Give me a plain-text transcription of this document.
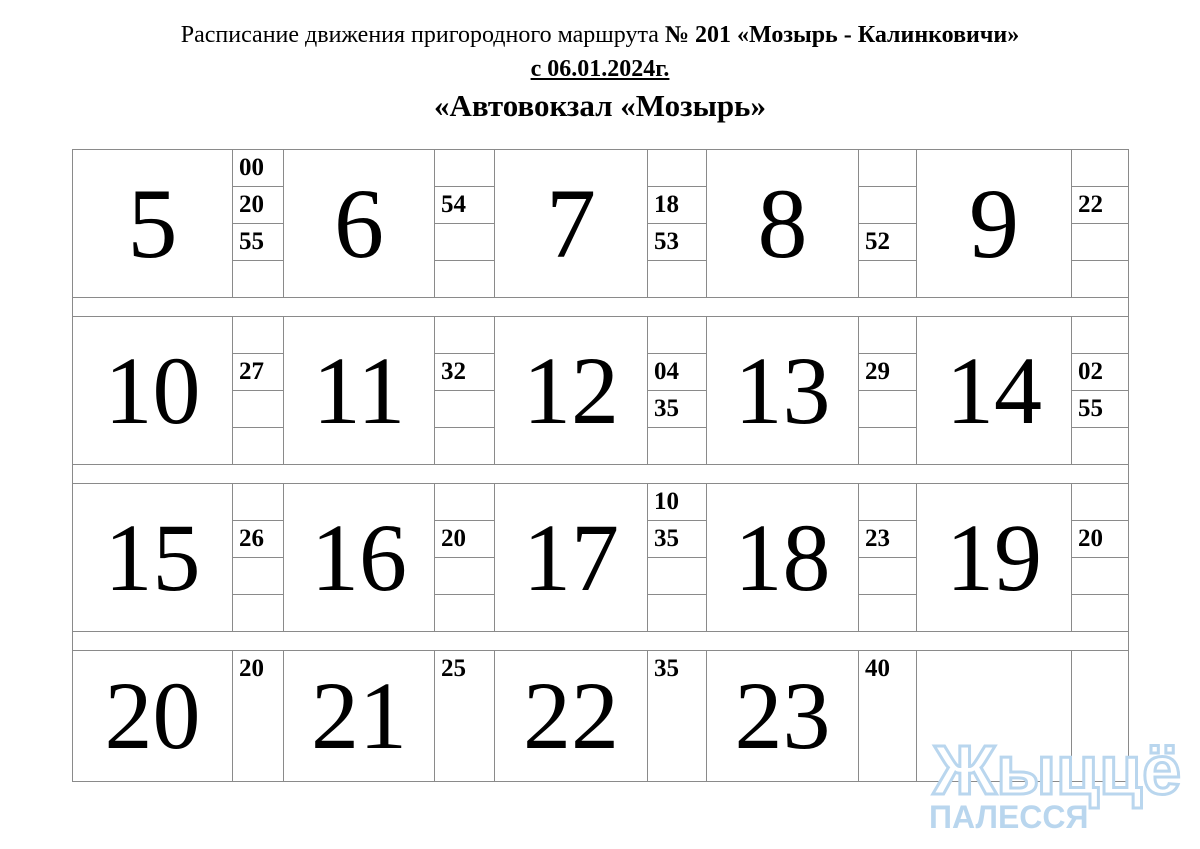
Расписание движения пригородного маршрута № 201 «Мозырь - Калинковичи»
с 06.01.2024г.
«Автовокзал «Мозырь»
5	00	6		7		8		9	
	20		54		18				22
	55				53		52		

10		11		12		13		14	
	27		32		04		29		02
					35				55

15		16		17	10	18		19	
	26		20		35		23		20

20	20	21	25	22	35	23	40		
Жыццё
ПАЛЕССЯ
